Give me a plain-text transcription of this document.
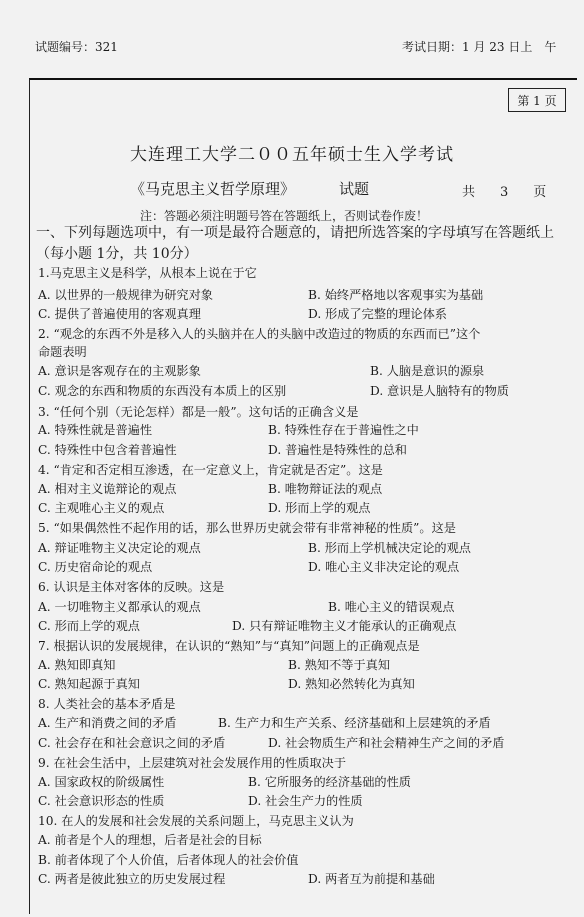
试题编号：321	考试日期：1 月 23 日上　午
第 1 页
大连理工大学二００五年硕士生入学考试
《马克思主义哲学原理》	试题	共　3　页
注：答题必须注明题号答在答题纸上，否则试卷作废！
一、下列每题选项中，有一项是最符合题意的，请把所选答案的字母填写在答题纸上　（每小题 1分，共 10分）
1.马克思主义是科学，从根本上说在于它
A. 以世界的一般规律为研究对象	B. 始终严格地以客观事实为基础
C. 提供了普遍使用的客观真理	D. 形成了完整的理论体系
2. “观念的东西不外是移入人的头脑并在人的头脑中改造过的物质的东西而已”这个
命题表明
A. 意识是客观存在的主观影象	B. 人脑是意识的源泉
C. 观念的东西和物质的东西没有本质上的区别	D. 意识是人脑特有的物质
3. “任何个别（无论怎样）都是一般”。这句话的正确含义是
A. 特殊性就是普遍性	B. 特殊性存在于普遍性之中
C. 特殊性中包含着普遍性	D. 普遍性是特殊性的总和
4. “肯定和否定相互渗透，在一定意义上，肯定就是否定”。这是
A. 相对主义诡辩论的观点	B. 唯物辩证法的观点
C. 主观唯心主义的观点	D. 形而上学的观点
5. “如果偶然性不起作用的话，那么世界历史就会带有非常神秘的性质”。这是
A. 辩证唯物主义决定论的观点	B. 形而上学机械决定论的观点
C. 历史宿命论的观点	D. 唯心主义非决定论的观点
6. 认识是主体对客体的反映。这是
A. 一切唯物主义都承认的观点	B. 唯心主义的错误观点
C. 形而上学的观点	D. 只有辩证唯物主义才能承认的正确观点
7. 根据认识的发展规律，在认识的“熟知”与“真知”问题上的正确观点是
A. 熟知即真知	B. 熟知不等于真知
C. 熟知起源于真知	D. 熟知必然转化为真知
8. 人类社会的基本矛盾是
A. 生产和消费之间的矛盾	B. 生产力和生产关系、经济基础和上层建筑的矛盾
C. 社会存在和社会意识之间的矛盾	D. 社会物质生产和社会精神生产之间的矛盾
9. 在社会生活中，上层建筑对社会发展作用的性质取决于
A. 国家政权的阶级属性	B. 它所服务的经济基础的性质
C. 社会意识形态的性质	D. 社会生产力的性质
10. 在人的发展和社会发展的关系问题上，马克思主义认为
A. 前者是个人的理想，后者是社会的目标
B. 前者体现了个人价值，后者体现人的社会价值
C. 两者是彼此独立的历史发展过程	D. 两者互为前提和基础
